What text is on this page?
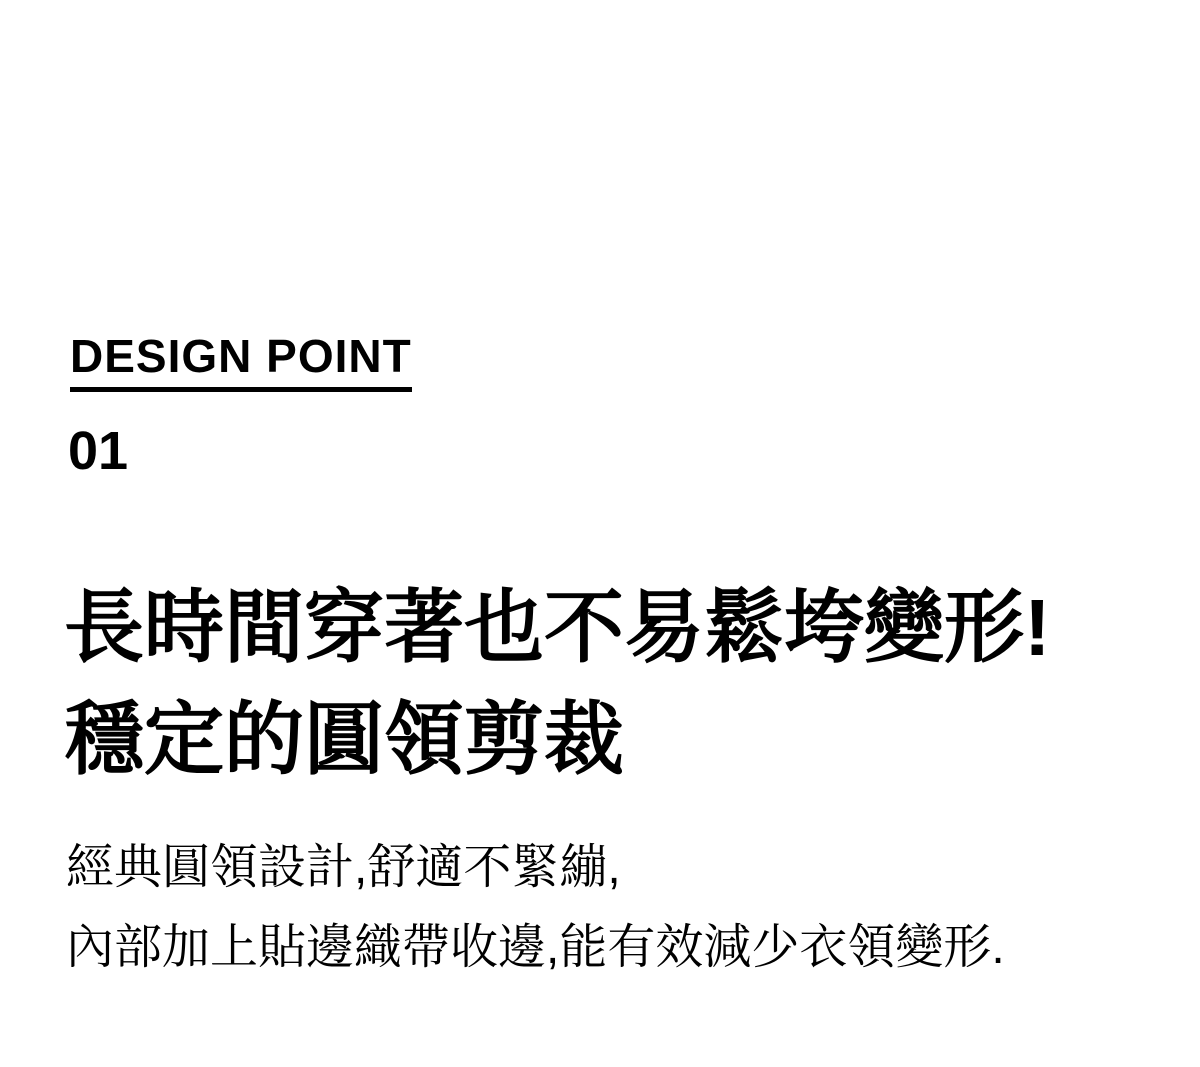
DESIGN POINT
01
長時間穿著也不易鬆垮變形!
穩定的圓領剪裁

經典圓領設計,舒適不緊繃,
內部加上貼邊織帶收邊,能有效減少衣領變形.
